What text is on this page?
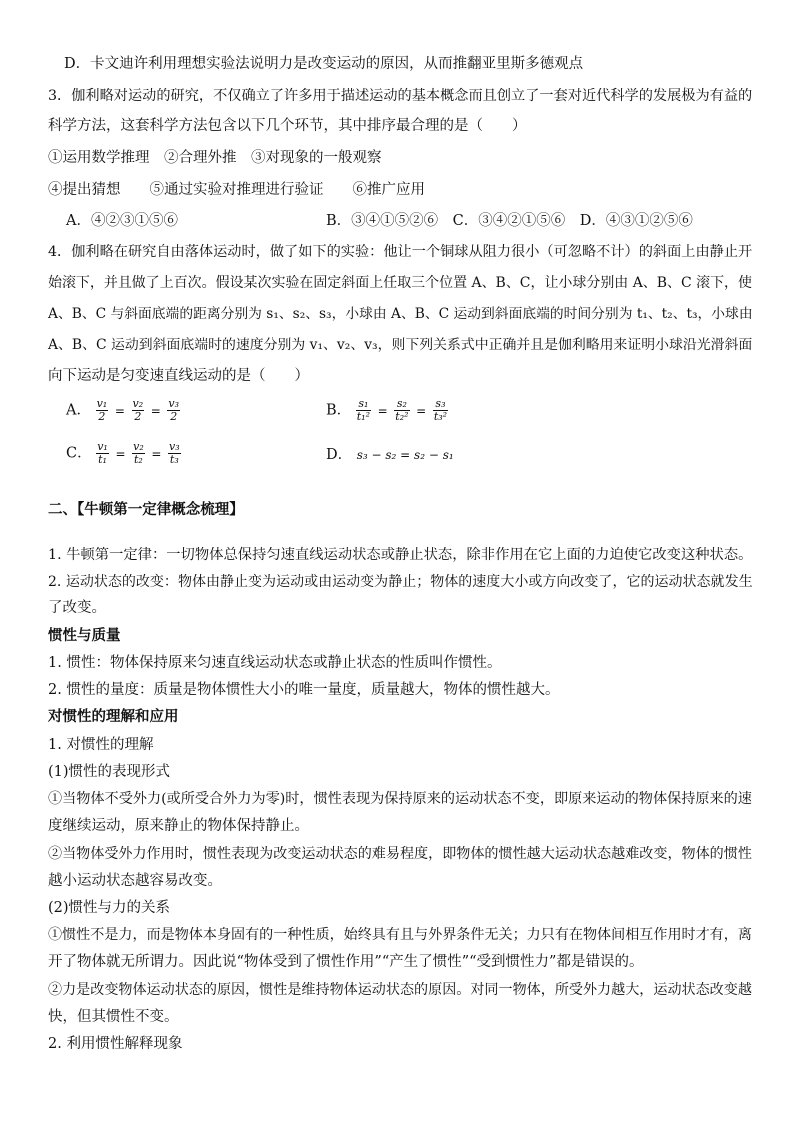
D．卡文迪许利用理想实验法说明力是改变运动的原因，从而推翻亚里斯多德观点
3．伽利略对运动的研究，不仅确立了许多用于描述运动的基本概念而且创立了一套对近代科学的发展极为有益的
科学方法，这套科学方法包含以下几个环节，其中排序最合理的是（　　）
①运用数学推理　②合理外推　③对现象的一般观察
④提出猜想　　⑤通过实验对推理进行验证　　⑥推广应用
A．④②③①⑤⑥	B．③④①⑤②⑥　C．③④②①⑤⑥　D．④③①②⑤⑥
4．伽利略在研究自由落体运动时，做了如下的实验：他让一个铜球从阻力很小（可忽略不计）的斜面上由静止开
始滚下，并且做了上百次。假设某次实验在固定斜面上任取三个位置 A、B、C，让小球分别由 A、B、C 滚下，使
A、B、C 与斜面底端的距离分别为 s₁、s₂、s₃，小球由 A、B、C 运动到斜面底端的时间分别为 t₁、t₂、t₃，小球由
A、B、C 运动到斜面底端时的速度分别为 v₁、v₂、v₃，则下列关系式中正确并且是伽利略用来证明小球沿光滑斜面
向下运动是匀变速直线运动的是（　　）
A． $\frac{\text{v₁}}{2} = \frac{\text{v₂}}{2} = \frac{\text{v₃}}{2}$	B． $\frac{\text{s₁}}{\text{t₁²}} = \frac{\text{s₂}}{\text{t₂²}} = \frac{\text{s₃}}{\text{t₃²}}$
C． $\frac{\text{v₁}}{\text{t₁}} = \frac{\text{v₂}}{\text{t₂}} = \frac{\text{v₃}}{\text{t₃}}$	D． s₃ − s₂ = s₂ − s₁
二、【牛顿第一定律概念梳理】
1. 牛顿第一定律：一切物体总保持匀速直线运动状态或静止状态，除非作用在它上面的力迫使它改变这种状态。
2. 运动状态的改变：物体由静止变为运动或由运动变为静止；物体的速度大小或方向改变了，它的运动状态就发生
了改变。
惯性与质量
1. 惯性：物体保持原来匀速直线运动状态或静止状态的性质叫作惯性。
2. 惯性的量度：质量是物体惯性大小的唯一量度，质量越大，物体的惯性越大。
对惯性的理解和应用
1. 对惯性的理解
(1)惯性的表现形式
①当物体不受外力(或所受合外力为零)时，惯性表现为保持原来的运动状态不变，即原来运动的物体保持原来的速
度继续运动，原来静止的物体保持静止。
②当物体受外力作用时，惯性表现为改变运动状态的难易程度，即物体的惯性越大运动状态越难改变，物体的惯性
越小运动状态越容易改变。
(2)惯性与力的关系
①惯性不是力，而是物体本身固有的一种性质，始终具有且与外界条件无关；力只有在物体间相互作用时才有，离
开了物体就无所谓力。因此说“物体受到了惯性作用”“产生了惯性”“受到惯性力”都是错误的。
②力是改变物体运动状态的原因，惯性是维持物体运动状态的原因。对同一物体，所受外力越大，运动状态改变越
快，但其惯性不变。
2. 利用惯性解释现象
